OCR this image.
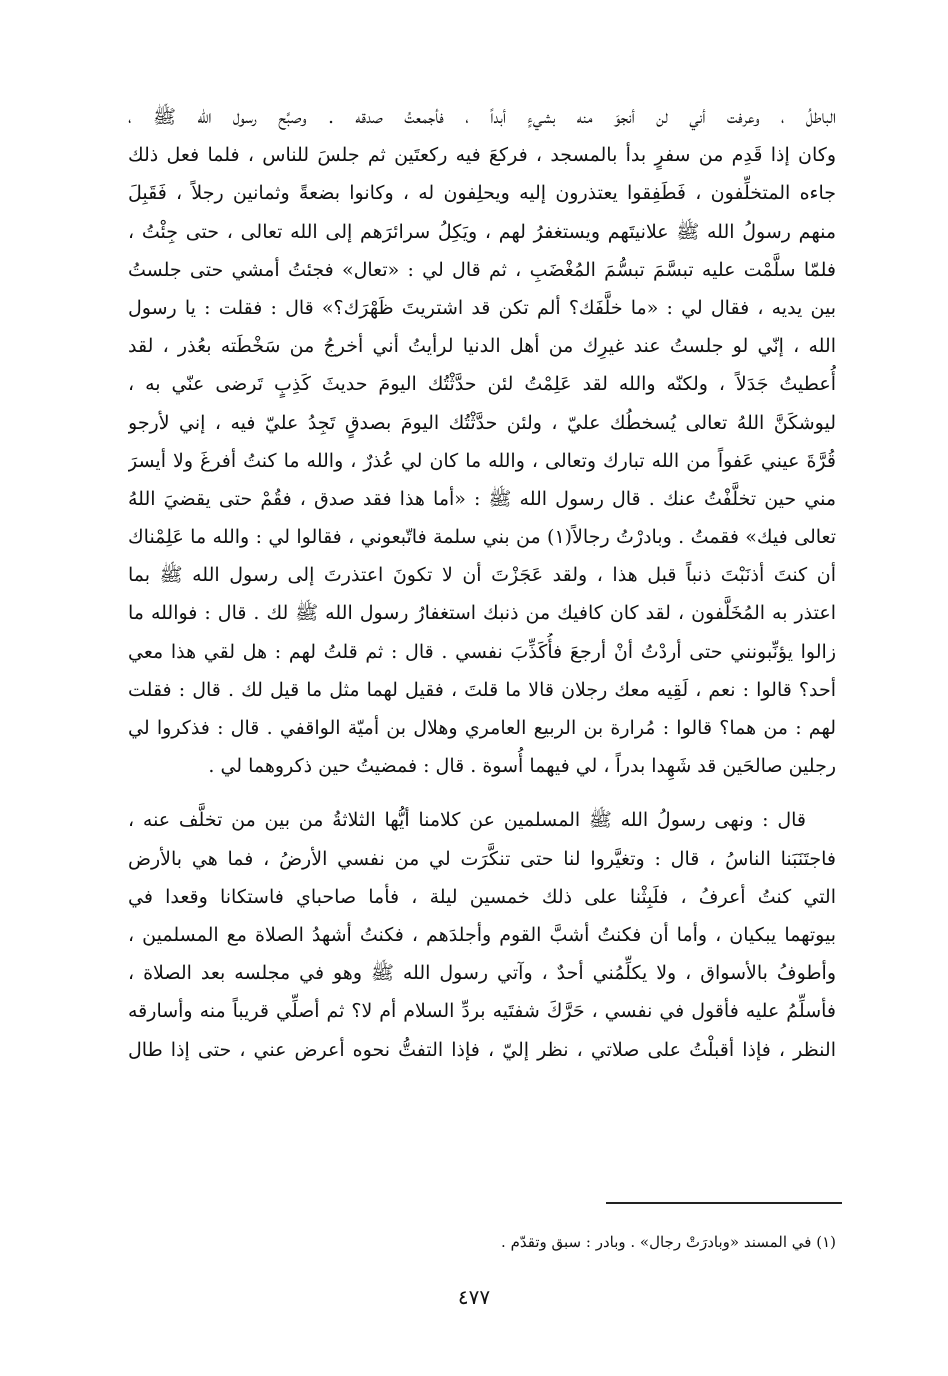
الباطلُ ، وعرفت أني لن أنجوَ منه بشيءٍ أبداً ، فأجمعتُ صدقه . وصبَّح رسول الله ﷺ ،
وكان إذا قَدِم من سفرٍ بدأ بالمسجد ، فركعَ فيه ركعتَين ثم جلسَ للناس ، فلما فعل ذلك
جاءه المتخلِّفون ، فَطَفِقوا يعتذرون إليه ويحلِفون له ، وكانوا بضعةً وثمانين رجلاً ، فَقَبِلَ
منهم رسولُ الله ﷺ علانيتَهم ويستغفرُ لهم ، ويَكِلُ سرائرَهم إلى الله تعالى ، حتى جِئْتُ ،
فلمّا سلَّمْت عليه تبسَّمَ تبسُّمَ المُغْضَبِ ، ثم قال لي : «تعال» فجئتُ أمشي حتى جلستُ
بين يديه ، فقال لي : «ما خلَّفَك؟ ألم تكن قد اشتريتَ ظَهْرَك؟» قال : فقلت : يا رسول
الله ، إنّي لو جلستُ عند غيرِك من أهل الدنيا لرأيتُ أني أخرجُ من سَخْطَته بعُذر ، لقد
أُعطيتُ جَدَلاً ، ولكنّه والله لقد عَلِمْتُ لئن حدَّثْتُك اليومَ حديثَ كَذِبٍ تَرضى عنّي به ،
ليوشكَنَّ اللهُ تعالى يُسخطُك عليّ ، ولئن حدَّثْتُك اليومَ بصدقٍ تَجِدُ عليّ فيه ، إني لأرجو
قُرَّةَ عيني عَفواً من الله تبارك وتعالى ، والله ما كان لي عُذرٌ ، والله ما كنتُ أفرغَ ولا أيسرَ
مني حين تخلَّفْتُ عنك . قال رسول الله ﷺ : «أما هذا فقد صدق ، فقُمْ حتى يقضيَ اللهُ
تعالى فيك» فقمتُ . وبادرْتُ رجالاً(١) من بني سلمة فاتّبعوني ، فقالوا لي : والله ما عَلِمْناك
أن كنتَ أذنَبْتَ ذنباً قبل هذا ، ولقد عَجَزْتَ أن لا تكونَ اعتذرتَ إلى رسول الله ﷺ بما
اعتذر به المُخَلَّفون ، لقد كان كافيك من ذنبك استغفارُ رسول الله ﷺ لك . قال : فوالله ما
زالوا يؤنِّبونني حتى أردْتُ أنْ أرجعَ فأُكَذِّبَ نفسي . قال : ثم قلتُ لهم : هل لقي هذا معي
أحد؟ قالوا : نعم ، لَقِيه معك رجلان قالا ما قلتَ ، فقيل لهما مثل ما قيل لك . قال : فقلت
لهم : من هما؟ قالوا : مُرارة بن الربيع العامري وهلال بن أميّة الواقفي . قال : فذكروا لي
رجلين صالحَين قد شَهِدا بدراً ، لي فيهما أُسوة . قال : فمضيتُ حين ذكروهما لي .
قال : ونهى رسولُ الله ﷺ المسلمين عن كلامنا أيُّها الثلاثةُ من بين من تخلَّف عنه ،
فاجتَنَبَنا الناسُ ، قال : وتغيَّروا لنا حتى تنكَّرَت لي من نفسي الأرضُ ، فما هي بالأرض
التي كنتُ أعرفُ ، فلَبِثْنا على ذلك خمسين ليلة ، فأما صاحباي فاستكانا وقعدا في
بيوتهما يبكيان ، وأما أن فكنتُ أشبَّ القوم وأجلدَهم ، فكنتُ أشهدُ الصلاة مع المسلمين ،
وأطوفُ بالأسواق ، ولا يكلِّمُني أحدٌ ، وآتي رسول الله ﷺ وهو في مجلسه بعد الصلاة ،
فأسلِّمُ عليه فأقول في نفسي ، حَرَّكَ شفتَيه بردِّ السلام أم لا؟ ثم أصلِّي قريباً منه وأسارقه
النظر ، فإذا أقبلْتُ على صلاتي ، نظر إليّ ، فإذا التفتُّ نحوه أعرض عني ، حتى إذا طال
(١) في المسند «وبادرَتْ رجال» . وبادر : سبق وتقدّم .
٤٧٧
